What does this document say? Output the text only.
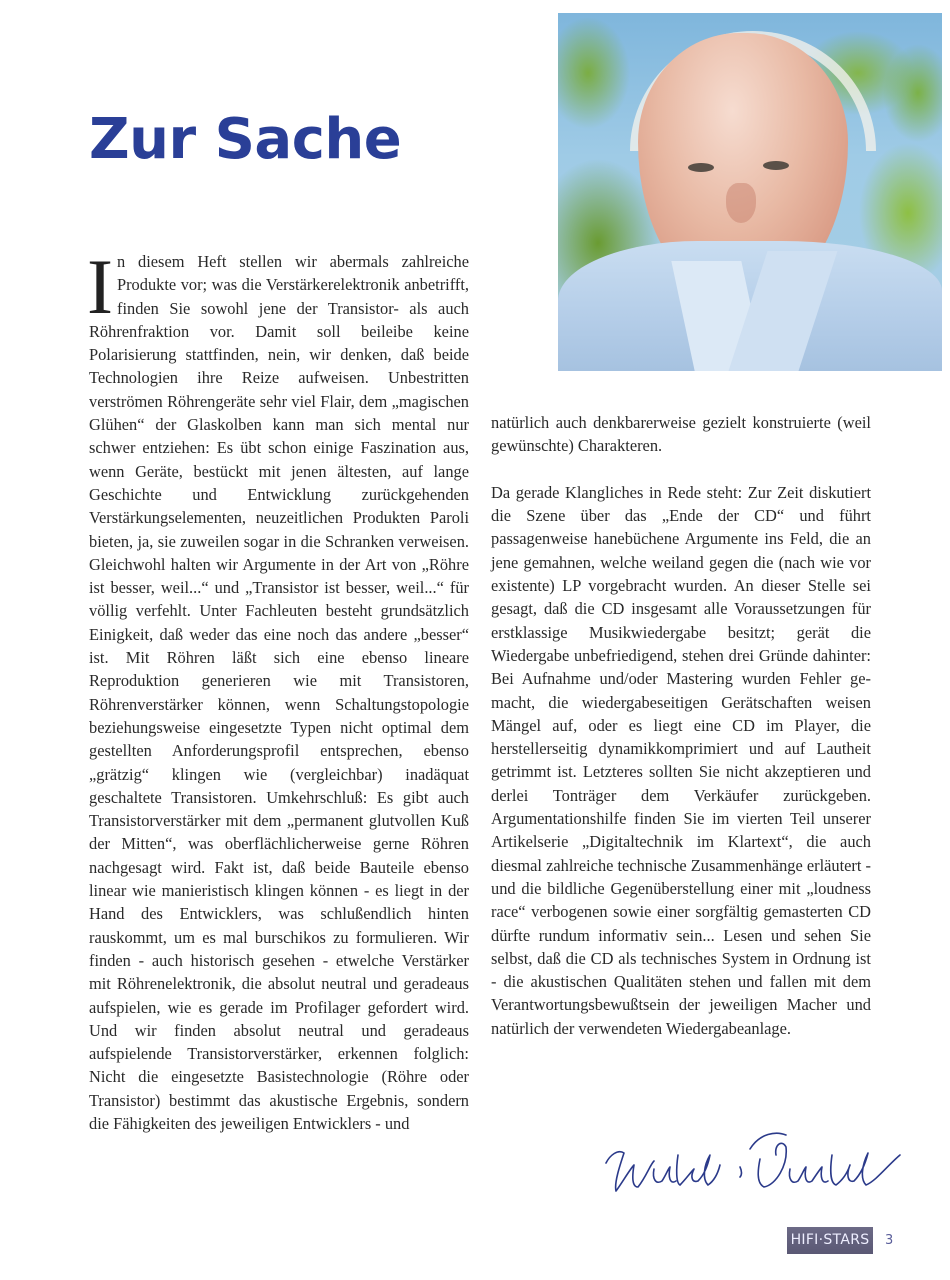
Zur Sache

In diesem Heft stellen wir abermals zahlreiche Produkte vor; was die Verstärkerelektronik anbetrifft, finden Sie sowohl jene der Transistor- als auch Röhrenfraktion vor. Damit soll beileibe keine Polarisierung stattfinden, nein, wir denken, daß beide Technologien ihre Reize aufweisen. Unbestritten verströmen Röhrengeräte sehr viel Flair, dem „magischen Glühen“ der Glaskolben kann man sich mental nur schwer entziehen: Es übt schon einige Faszination aus, wenn Geräte, bestückt mit jenen ältesten, auf lange Geschichte und Entwicklung zurückgehenden Verstärkungselementen, neuzeitlichen Produkten Paroli bieten, ja, sie zuweilen sogar in die Schranken verweisen. Gleichwohl halten wir Argumente in der Art von „Röhre ist besser, weil...“ und „Transistor ist besser, weil...“ für völlig verfehlt. Unter Fachleuten besteht grundsätzlich Einigkeit, daß weder das eine noch das andere „besser“ ist. Mit Röhren läßt sich eine ebenso lineare Reproduktion generieren wie mit Transistoren, Röhrenverstärker können, wenn Schaltungstopologie beziehungsweise eingesetzte Typen nicht optimal dem gestellten Anforderungsprofil entsprechen, ebenso „grätzig“ klingen wie (vergleichbar) inadäquat geschaltete Transistoren. Umkehrschluß: Es gibt auch Transistorverstärker mit dem „permanent glutvollen Kuß der Mitten“, was oberflächlicherweise gerne Röhren nachgesagt wird. Fakt ist, daß beide Bauteile ebenso linear wie manieristisch klingen können - es liegt in der Hand des Entwicklers, was schlußendlich hinten rauskommt, um es mal burschikos zu formulieren. Wir finden - auch historisch gesehen - etwelche Verstärker mit Röhrenelektronik, die absolut neutral und geradeaus aufspielen, wie es gerade im Profilager gefordert wird. Und wir finden absolut neutral und geradeaus aufspielende Transistorverstärker, erkennen folglich: Nicht die eingesetzte Basistechnologie (Röhre oder Transistor) bestimmt das akustische Ergebnis, sondern die Fähigkeiten des jeweiligen Entwicklers - und

natürlich auch denkbarerweise gezielt konstruierte (weil gewünschte) Charakteren.

Da gerade Klangliches in Rede steht: Zur Zeit diskutiert die Szene über das „Ende der CD“ und führt passagenweise hanebüchene Argumente ins Feld, die an jene gemahnen, welche weiland gegen die (nach wie vor existente) LP vorgebracht wurden. An dieser Stelle sei gesagt, daß die CD insgesamt alle Voraussetzungen für erstklassige Musikwiedergabe besitzt; gerät die Wiedergabe unbefriedigend, stehen drei Gründe dahinter: Bei Aufnahme und/oder Mastering wurden Fehler gemacht, die wiedergabeseitigen Gerätschaften weisen Mängel auf, oder es liegt eine CD im Player, die herstellerseitig dynamikkomprimiert und auf Lautheit getrimmt ist. Letzteres sollten Sie nicht akzeptieren und derlei Tonträger dem Verkäufer zurückgeben. Argumentationshilfe finden Sie im vierten Teil unserer Artikelserie „Digitaltechnik im Klartext“, die auch diesmal zahlreiche technische Zusammenhänge erläutert - und die bildliche Gegenüberstellung einer mit „loudness race“ verbogenen sowie einer sorgfältig gemasterten CD dürfte rundum informativ sein... Lesen und sehen Sie selbst, daß die CD als technisches System in Ordnung ist - die akustischen Qualitäten stehen und fallen mit dem Verantwortungsbewußtsein der jeweiligen Macher und natürlich der verwendeten Wiedergabeanlage.

HIFI·STARS 3
